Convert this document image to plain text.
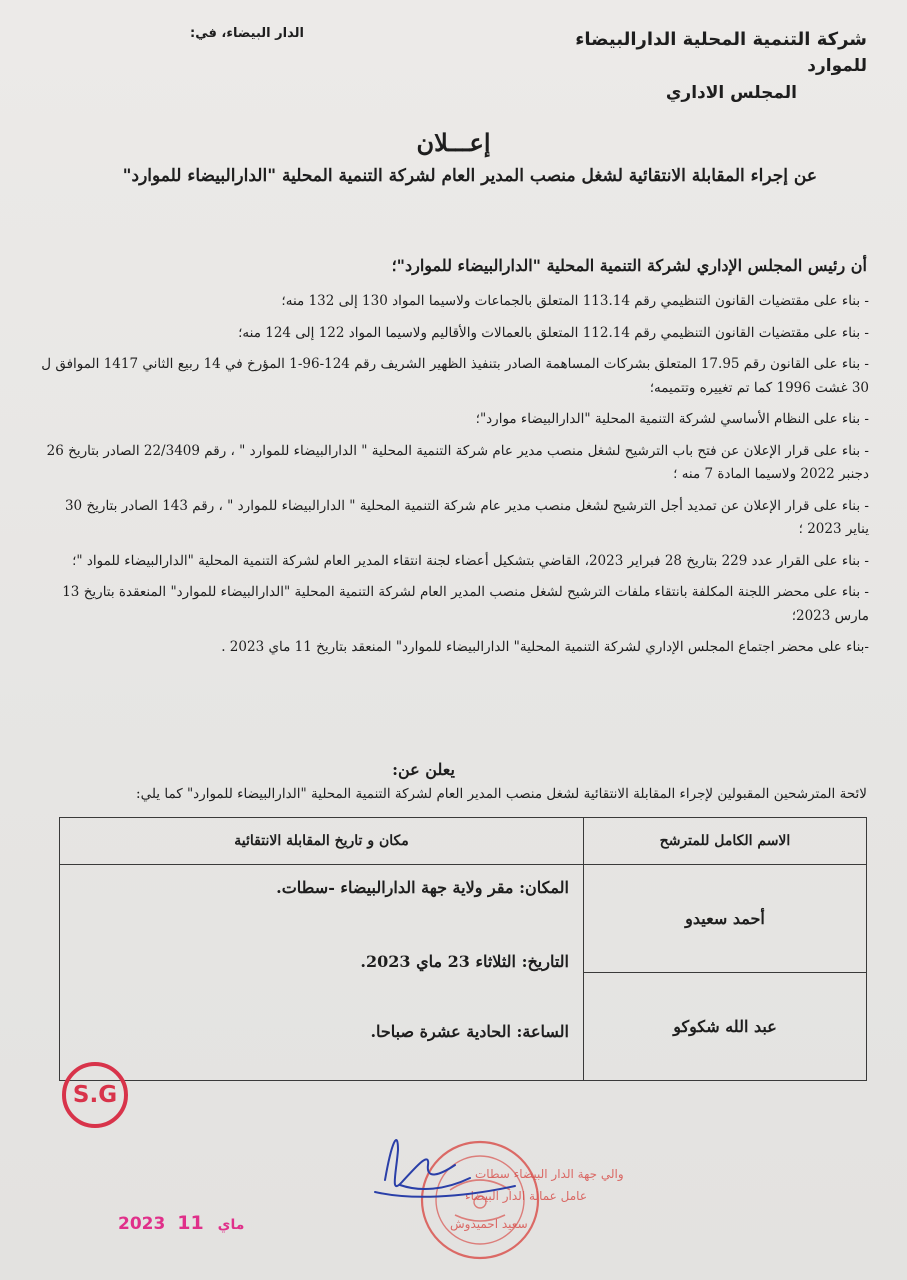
شركة التنمية المحلية الدارالبيضاء
للموارد
المجلس الاداري
الدار البيضاء، في:
إعـــلان
عن إجراء المقابلة الانتقائية لشغل منصب المدير العام لشركة التنمية المحلية "الدارالبيضاء للموارد"
أن رئيس المجلس الإداري لشركة التنمية المحلية "الدارالبيضاء للموارد"؛
- بناء على مقتضيات القانون التنظيمي رقم 113.14 المتعلق بالجماعات ولاسيما المواد 130 إلى 132 منه؛
- بناء على مقتضيات القانون التنظيمي رقم 112.14 المتعلق بالعمالات والأقاليم ولاسيما المواد 122 إلى 124 منه؛
- بناء على القانون رقم 17.95 المتعلق بشركات المساهمة الصادر بتنفيذ الظهير الشريف رقم 124-96-1 المؤرخ في 14 ربيع الثاني 1417 الموافق ل 30 غشت 1996 كما تم تغييره وتتميمه؛
- بناء على النظام الأساسي لشركة التنمية المحلية "الدارالبيضاء موارد"؛
- بناء على قرار الإعلان عن فتح باب الترشيح لشغل منصب مدير عام شركة التنمية المحلية " الدارالبيضاء للموارد " ، رقم 22/3409 الصادر بتاريخ 26 دجنبر 2022 ولاسيما المادة 7 منه ؛
- بناء على قرار الإعلان عن تمديد أجل الترشيح لشغل منصب مدير عام شركة التنمية المحلية " الدارالبيضاء للموارد " ، رقم 143 الصادر بتاريخ 30 يناير 2023 ؛
- بناء على القرار عدد 229 بتاريخ 28 فبراير 2023، القاضي بتشكيل أعضاء لجنة انتقاء المدير العام لشركة التنمية المحلية "الدارالبيضاء للمواد "؛
- بناء على محضر اللجنة المكلفة بانتقاء ملفات الترشيح لشغل منصب المدير العام لشركة التنمية المحلية "الدارالبيضاء للموارد" المنعقدة بتاريخ 13 مارس 2023؛
-بناء على محضر اجتماع المجلس الإداري لشركة التنمية المحلية" الدارالبيضاء للموارد" المنعقد بتاريخ 11 ماي 2023 .
يعلن عن:
لائحة المترشحين المقبولين لإجراء المقابلة الانتقائية لشغل منصب المدير العام لشركة التنمية المحلية "الدارالبيضاء للموارد" كما يلي:
الاسم الكامل للمترشح	مكان و تاريخ المقابلة الانتقائية
أحمد سعيدو	المكان: مقر ولاية جهة الدارالبيضاء -سطات.
التاريخ: الثلاثاء 23 ماي 2023.
الساعة: الحادية عشرة صباحا.

عبد الله شكوكو	
S.G
2023	ماي 11
والي جهة الدار البيضاء سطات
عامل عمالة الدار البيضاء
سعيد احميدوش
